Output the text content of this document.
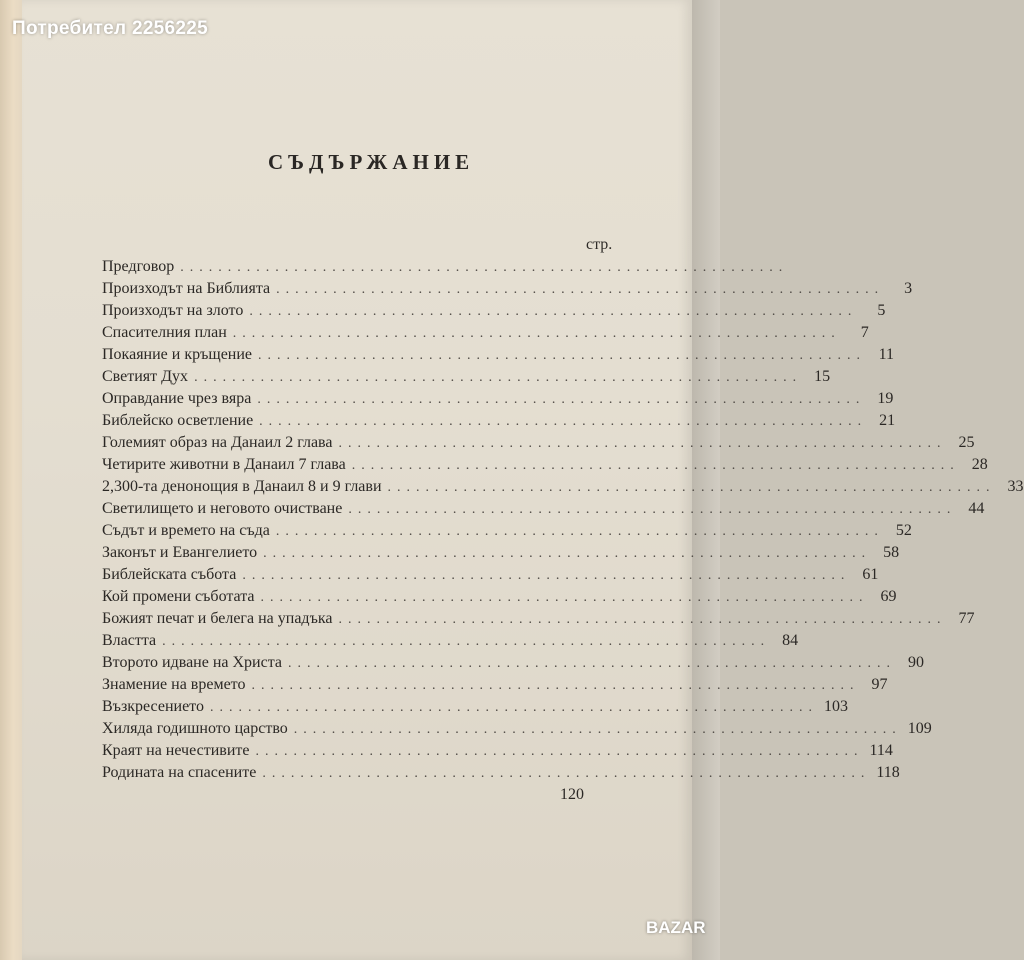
Потребител 2256225
BAZAR
СЪДЪРЖАНИЕ
стр.
Предговор ................................................................
Произходът на Библията ................................................................	3
Произходът на злото ................................................................	5
Спасителния план ................................................................	7
Покаяние и кръщение ................................................................ 11
Светият Дух ................................................................ 15
Оправдание чрез вяра ................................................................ 19
Библейско осветление ................................................................ 21
Големият образ на Данаил 2 глава ................................................................ 25
Четирите животни в Данаил 7 глава ................................................................ 28
2,300-та денонощия в Данаил 8 и 9 глави ................................................................ 33
Светилището и неговото очистване ................................................................ 44
Съдът и времето на съда ................................................................ 52
Законът и Евангелието ................................................................ 58
Библейската събота ................................................................ 61
Кой промени съботата ................................................................ 69
Божият печат и белега на упадъка ................................................................ 77
Властта ................................................................ 84
Второто идване на Христа ................................................................ 90
Знамение на времето ................................................................ 97
Възкресението ................................................................ 103
Хиляда годишното царство ................................................................ 109
Краят на нечестивите ................................................................ 114
Родината на спасените ................................................................ 118
120
